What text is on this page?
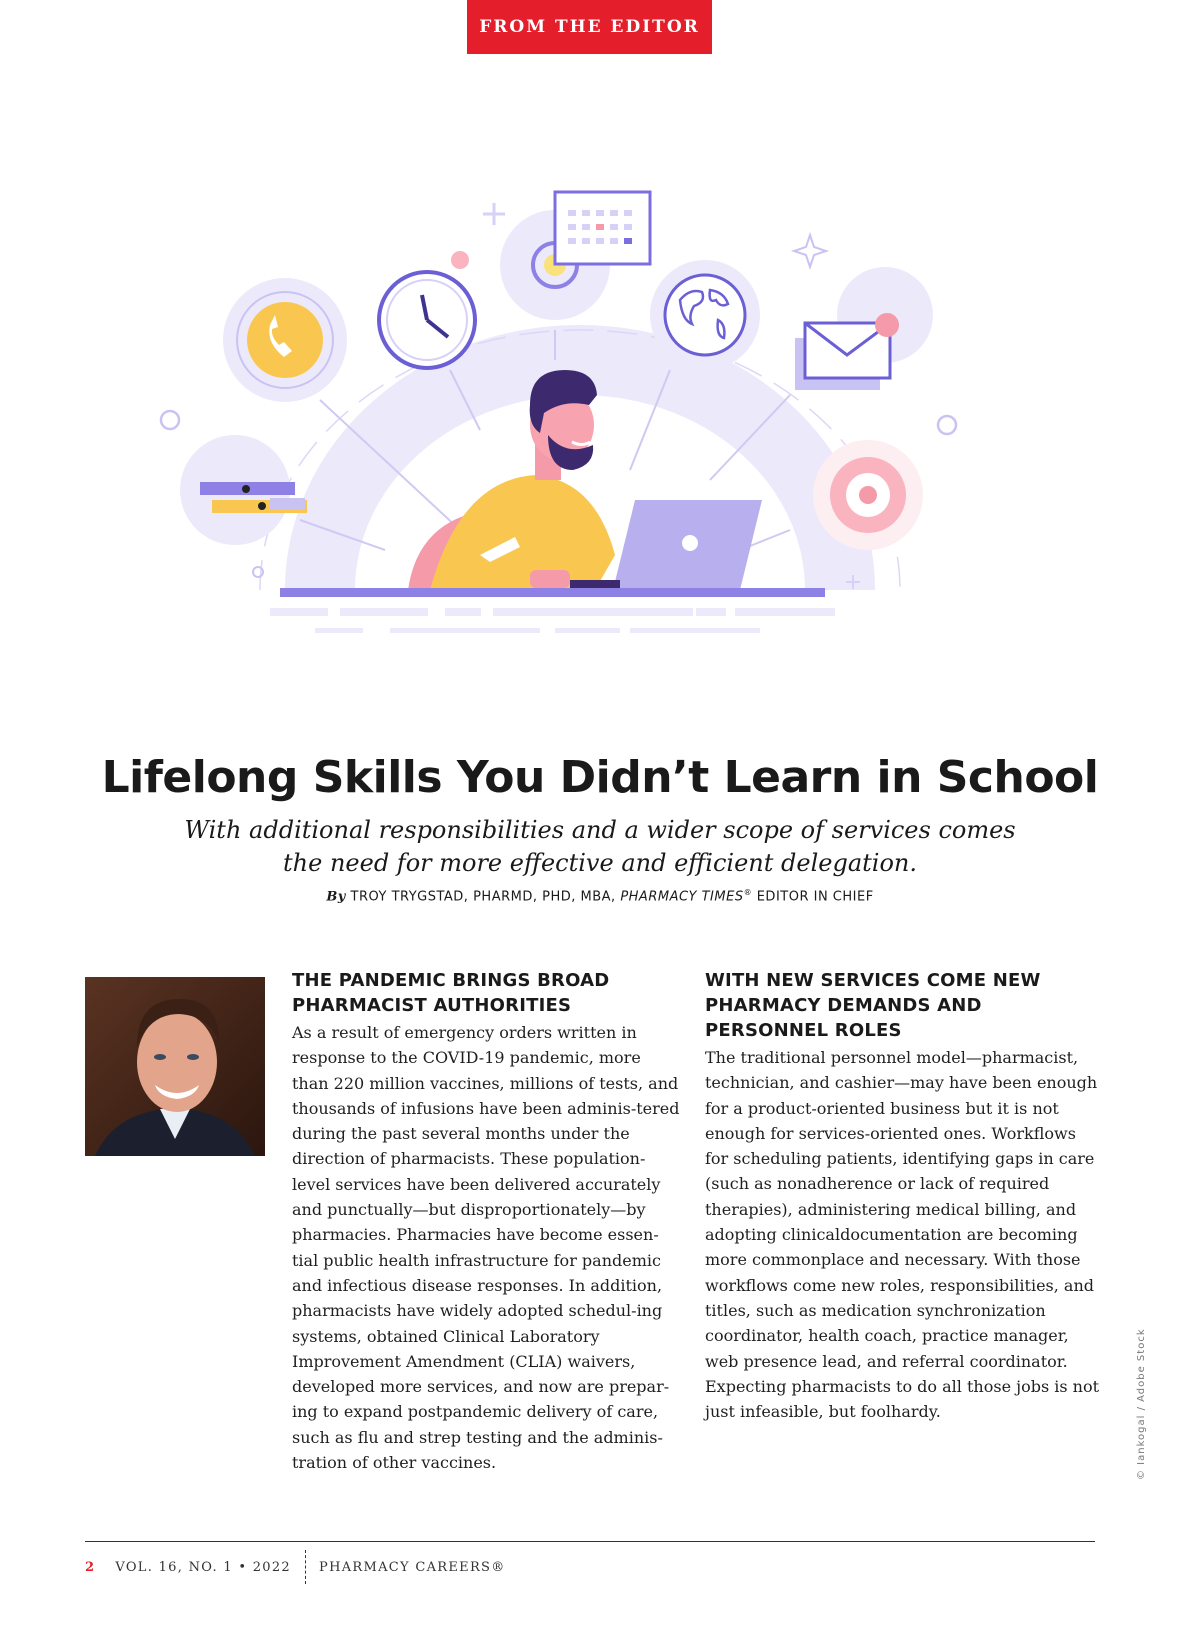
FROM THE EDITOR
Lifelong Skills You Didn’t Learn in School

With additional responsibilities and a wider scope of services comes the need for more effective and efficient delegation.

By TROY TRYGSTAD, PHARMD, PHD, MBA, PHARMACY TIMES® EDITOR IN CHIEF
THE PANDEMIC BRINGS BROAD PHARMACIST AUTHORITIES

As a result of emergency orders written in response to the COVID-19 pandemic, more than 220 million vaccines, millions of tests, and thousands of infusions have been adminis-tered during the past several months under the direction of pharmacists. These population-level services have been delivered accurately and punctually—but disproportionately—by pharmacies. Pharmacies have become essen-tial public health infrastructure for pandemic and infectious disease responses. In addition, pharmacists have widely adopted schedul-ing systems, obtained Clinical Laboratory Improvement Amendment (CLIA) waivers, developed more services, and now are prepar-ing to expand postpandemic delivery of care, such as flu and strep testing and the adminis-tration of other vaccines.

WITH NEW SERVICES COME NEW PHARMACY DEMANDS AND PERSONNEL ROLES

The traditional personnel model—pharmacist, technician, and cashier—may have been enough for a product-oriented business but it is not enough for services-oriented ones. Workflows for scheduling patients, identifying gaps in care (such as nonadherence or lack of required therapies), administering medical billing, and adopting clinicaldocumentation are becoming more commonplace and necessary. With those workflows come new roles, responsibilities, and titles, such as medication synchronization coordinator, health coach, practice manager, web presence lead, and referral coordinator. Expecting pharmacists to do all those jobs is not just infeasible, but foolhardy.	© Iankogal / Adobe Stock
2 VOL. 16, NO. 1 • 2022 PHARMACY CAREERS®
